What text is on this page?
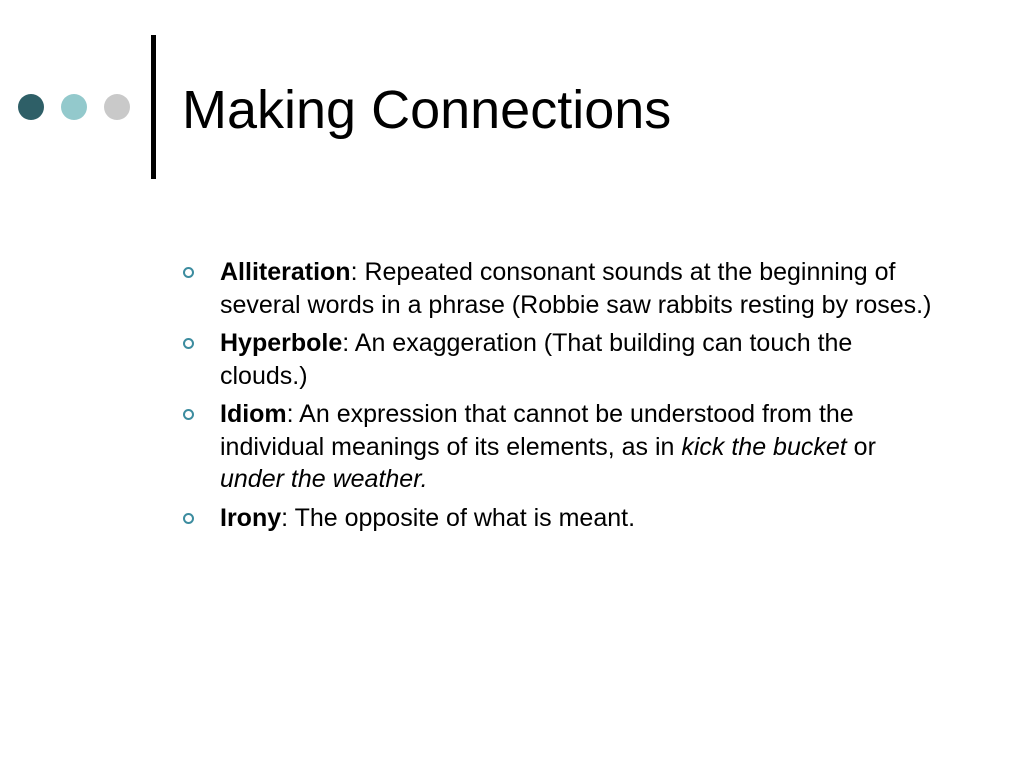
Making Connections
Alliteration: Repeated consonant sounds at the beginning of several words in a phrase (Robbie saw rabbits resting by roses.)
Hyperbole: An exaggeration (That building can touch the clouds.)
Idiom: An expression that cannot be understood from the individual meanings of its elements, as in kick the bucket or under the weather.
Irony: The opposite of what is meant.
